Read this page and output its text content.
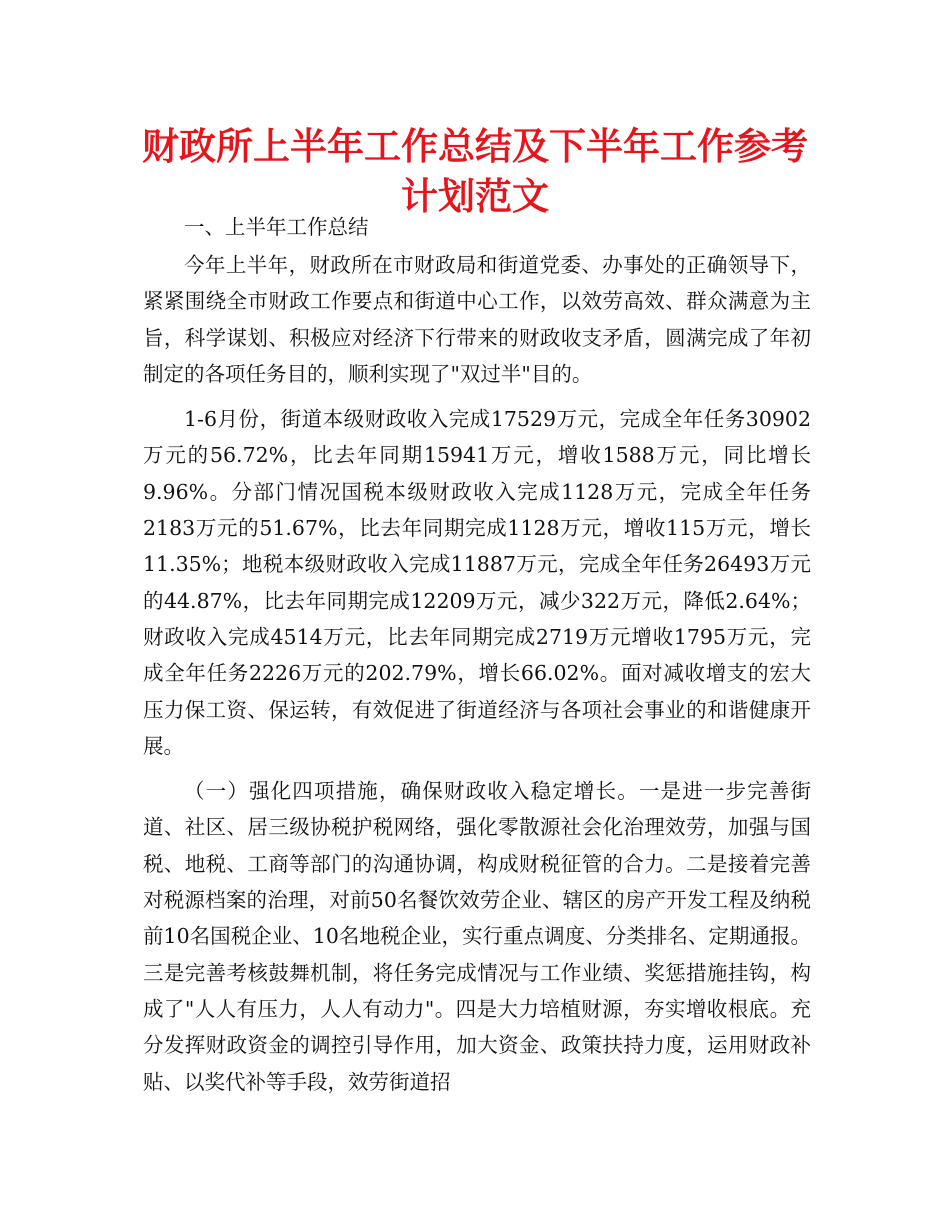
财政所上半年工作总结及下半年工作参考
计划范文

一、上半年工作总结

今年上半年，财政所在市财政局和街道党委、办事处的正确领导下，紧紧围绕全市财政工作要点和街道中心工作，以效劳高效、群众满意为主旨，科学谋划、积极应对经济下行带来的财政收支矛盾，圆满完成了年初制定的各项任务目的，顺利实现了"双过半"目的。

1-6月份，街道本级财政收入完成17529万元，完成全年任务30902万元的56.72%，比去年同期15941万元，增收1588万元，同比增长9.96%。分部门情况国税本级财政收入完成1128万元，完成全年任务2183万元的51.67%，比去年同期完成1128万元，增收115万元，增长11.35%；地税本级财政收入完成11887万元，完成全年任务26493万元的44.87%，比去年同期完成12209万元，减少322万元，降低2.64%；财政收入完成4514万元，比去年同期完成2719万元增收1795万元，完成全年任务2226万元的202.79%，增长66.02%。面对减收增支的宏大压力保工资、保运转，有效促进了街道经济与各项社会事业的和谐健康开展。

（一）强化四项措施，确保财政收入稳定增长。一是进一步完善街道、社区、居三级协税护税网络，强化零散源社会化治理效劳，加强与国税、地税、工商等部门的沟通协调，构成财税征管的合力。二是接着完善对税源档案的治理，对前50名餐饮效劳企业、辖区的房产开发工程及纳税前10名国税企业、10名地税企业，实行重点调度、分类排名、定期通报。三是完善考核鼓舞机制，将任务完成情况与工作业绩、奖惩措施挂钩，构成了"人人有压力，人人有动力"。四是大力培植财源，夯实增收根底。充分发挥财政资金的调控引导作用，加大资金、政策扶持力度，运用财政补贴、以奖代补等手段，效劳街道招
